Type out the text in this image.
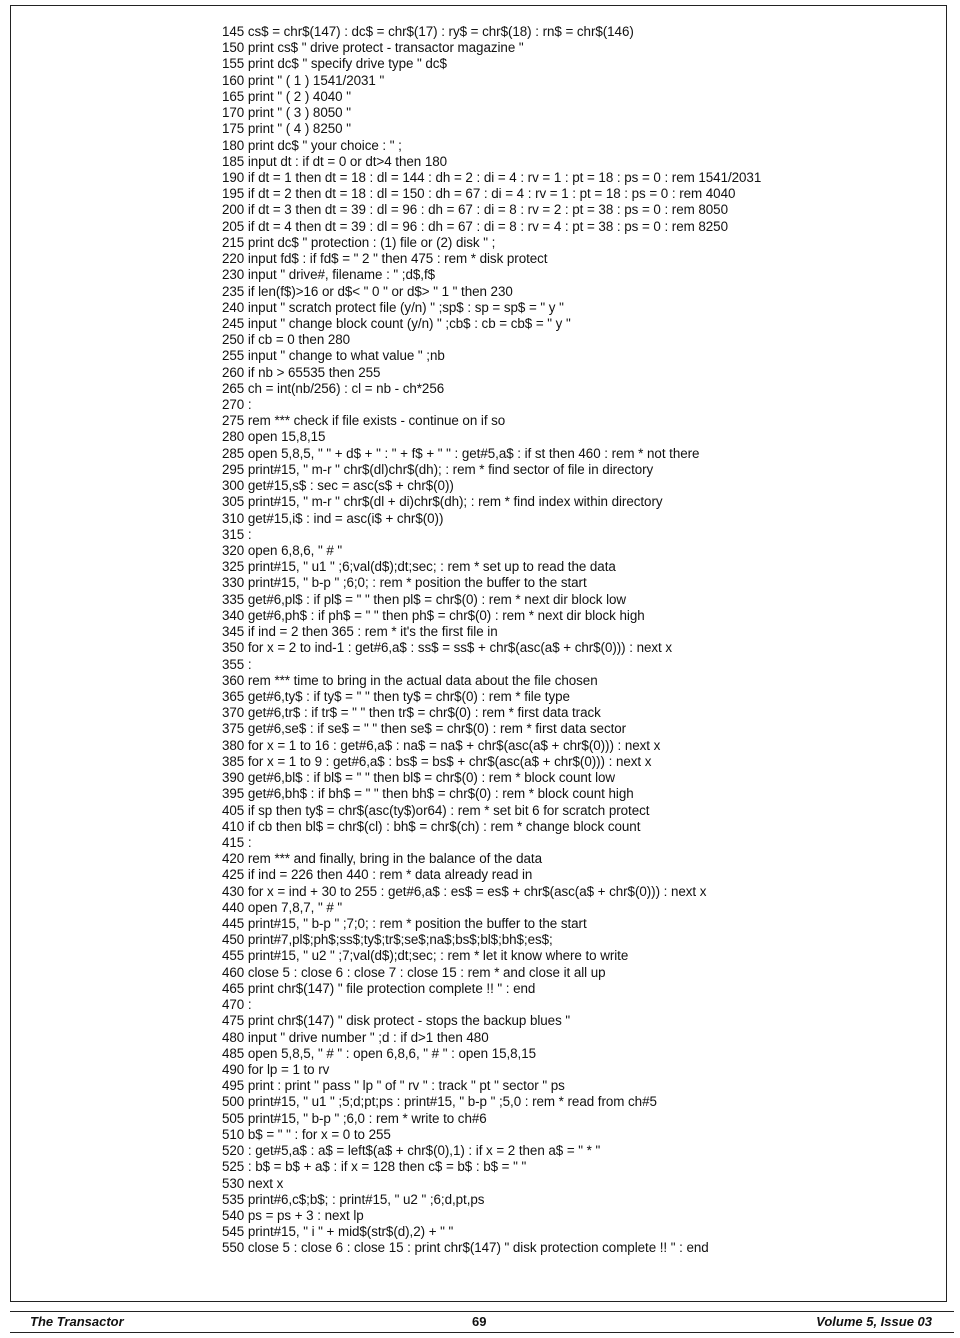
145 cs$ = chr$(147) : dc$ = chr$(17) : ry$ = chr$(18) : rn$ = chr$(146)
150 print cs$ " drive protect - transactor magazine "
155 print dc$ " specify drive type " dc$
160 print " ( 1 ) 1541/2031 "
165 print " ( 2 ) 4040 "
170 print " ( 3 ) 8050 "
175 print " ( 4 ) 8250 "
180 print dc$ " your choice : " ;
185 input dt : if dt = 0 or dt>4 then 180
190 if dt = 1 then dt = 18 : dl = 144 : dh = 2 : di = 4 : rv = 1 : pt = 18 : ps = 0 : rem 1541/2031
195 if dt = 2 then dt = 18 : dl = 150 : dh = 67 : di = 4 : rv = 1 : pt = 18 : ps = 0 : rem 4040
200 if dt = 3 then dt = 39 : dl = 96 : dh = 67 : di = 8 : rv = 2 : pt = 38 : ps = 0 : rem 8050
205 if dt = 4 then dt = 39 : dl = 96 : dh = 67 : di = 8 : rv = 4 : pt = 38 : ps = 0 : rem 8250
215 print dc$ " protection : (1) file or (2) disk " ;
220 input fd$ : if fd$ = " 2 " then 475 : rem * disk protect
230 input " drive#, filename : " ;d$,f$
235 if len(f$)>16 or d$< " 0 " or d$> " 1 " then 230
240 input " scratch protect file (y/n) " ;sp$ : sp = sp$ = " y "
245 input " change block count (y/n) " ;cb$ : cb = cb$ = " y "
250 if cb = 0 then 280
255 input " change to what value " ;nb
260 if nb > 65535 then 255
265 ch = int(nb/256) : cl = nb - ch*256
270 :
275 rem *** check if file exists - continue on if so
280 open 15,8,15
285 open 5,8,5, " " + d$ + " : " + f$ + " " : get#5,a$ : if st then 460 : rem * not there
295 print#15, " m-r " chr$(dl)chr$(dh); : rem * find sector of file in directory
300 get#15,s$ : sec = asc(s$ + chr$(0))
305 print#15, " m-r " chr$(dl + di)chr$(dh); : rem * find index within directory
310 get#15,i$ : ind = asc(i$ + chr$(0))
315 :
320 open 6,8,6, " # "
325 print#15, " u1 " ;6;val(d$);dt;sec; : rem * set up to read the data
330 print#15, " b-p " ;6;0; : rem * position the buffer to the start
335 get#6,pl$ : if pl$ = " " then pl$ = chr$(0) : rem * next dir block low
340 get#6,ph$ : if ph$ = " " then ph$ = chr$(0) : rem * next dir block high
345 if ind = 2 then 365 : rem * it's the first file in
350 for x = 2 to ind-1 : get#6,a$ : ss$ = ss$ + chr$(asc(a$ + chr$(0))) : next x
355 :
360 rem *** time to bring in the actual data about the file chosen
365 get#6,ty$ : if ty$ = " " then ty$ = chr$(0) : rem * file type
370 get#6,tr$ : if tr$ = " " then tr$ = chr$(0) : rem * first data track
375 get#6,se$ : if se$ = " " then se$ = chr$(0) : rem * first data sector
380 for x = 1 to 16 : get#6,a$ : na$ = na$ + chr$(asc(a$ + chr$(0))) : next x
385 for x = 1 to 9 : get#6,a$ : bs$ = bs$ + chr$(asc(a$ + chr$(0))) : next x
390 get#6,bl$ : if bl$ = " " then bl$ = chr$(0) : rem * block count low
395 get#6,bh$ : if bh$ = " " then bh$ = chr$(0) : rem * block count high
405 if sp then ty$ = chr$(asc(ty$)or64) : rem * set bit 6 for scratch protect
410 if cb then bl$ = chr$(cl) : bh$ = chr$(ch) : rem * change block count
415 :
420 rem *** and finally, bring in the balance of the data
425 if ind = 226 then 440 : rem * data already read in
430 for x = ind + 30 to 255 : get#6,a$ : es$ = es$ + chr$(asc(a$ + chr$(0))) : next x
440 open 7,8,7, " # "
445 print#15, " b-p " ;7;0; : rem * position the buffer to the start
450 print#7,pl$;ph$;ss$;ty$;tr$;se$;na$;bs$;bl$;bh$;es$;
455 print#15, " u2 " ;7;val(d$);dt;sec; : rem * let it know where to write
460 close 5 : close 6 : close 7 : close 15 : rem * and close it all up
465 print chr$(147) " file protection complete !! " : end
470 :
475 print chr$(147) " disk protect - stops the backup blues "
480 input " drive number " ;d : if d>1 then 480
485 open 5,8,5, " # " : open 6,8,6, " # " : open 15,8,15
490 for lp = 1 to rv
495 print : print " pass " lp " of " rv " : track " pt " sector " ps
500 print#15, " u1 " ;5;d;pt;ps : print#15, " b-p " ;5,0 : rem * read from ch#5
505 print#15, " b-p " ;6,0 : rem * write to ch#6
510 b$ = " " : for x = 0 to 255
520 : get#5,a$ : a$ = left$(a$ + chr$(0),1) : if x = 2 then a$ = " * "
525 : b$ = b$ + a$ : if x = 128 then c$ = b$ : b$ = " "
530 next x
535 print#6,c$;b$; : print#15, " u2 " ;6;d,pt,ps
540 ps = ps + 3 : next lp
545 print#15, " i " + mid$(str$(d),2) + " "
550 close 5 : close 6 : close 15 : print chr$(147) " disk protection complete !! " : end
The Transactor	69	Volume 5, Issue 03
